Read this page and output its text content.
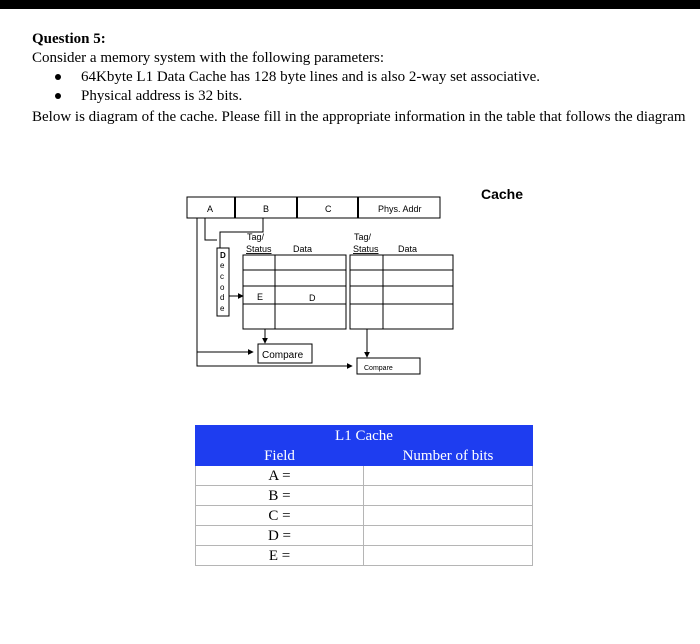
Question 5:
Consider a memory system with the following parameters:
64Kbyte L1 Data Cache has 128 byte lines and is also 2-way set associative.
Physical address is 32 bits.
Below is diagram of the cache. Please fill in the appropriate information in the table that follows the diagram
Cache
A	B	C	Phys. Addr
D
e
c
o
d
e
Tag/
Status Data
Tag/
Status Data
E	D
Compare
Compare
L1 Cache	
Field	Number of bits
A =	
B =	
C =	
D =	
E =	
